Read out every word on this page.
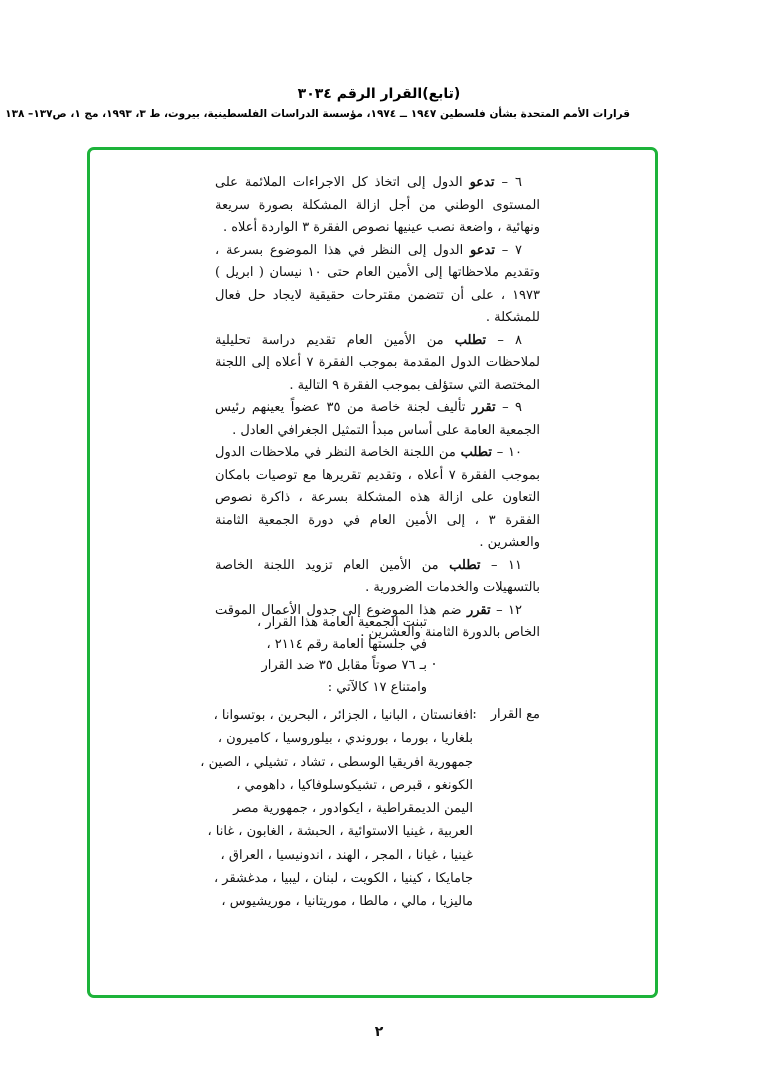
(تابع)القرار الرقم ٣٠٣٤
قرارات الأمم المتحدة بشأن فلسطين ١٩٤٧ ــ ١٩٧٤، مؤسسة الدراسات الفلسطينية، بيروت، ط ٣، ١٩٩٣، مج ١، ص١٣٧– ١٣٨

٦ – تدعو الدول إلى اتخاذ كل الاجراءات الملائمة على المستوى الوطني من أجل ازالة المشكلة بصورة سريعة ونهائية ، واضعة نصب عينيها نصوص الفقرة ٣ الواردة أعلاه .

٧ – تدعو الدول إلى النظر في هذا الموضوع بسرعة ، وتقديم ملاحظاتها إلى الأمين العام حتى ١٠ نيسان ( ابريل ) ١٩٧٣ ، على أن تتضمن مقترحات حقيقية لايجاد حل فعال للمشكلة .

٨ – تطلب من الأمين العام تقديم دراسة تحليلية لملاحظات الدول المقدمة بموجب الفقرة ٧ أعلاه إلى اللجنة المختصة التي ستؤلف بموجب الفقرة ٩ التالية .

٩ – تقرر تأليف لجنة خاصة من ٣٥ عضواً يعينهم رئيس الجمعية العامة على أساس مبدأ التمثيل الجغرافي العادل .

١٠ – تطلب من اللجنة الخاصة النظر في ملاحظات الدول بموجب الفقرة ٧ أعلاه ، وتقديم تقريرها مع توصيات بامكان التعاون على ازالة هذه المشكلة بسرعة ، ذاكرة نصوص الفقرة ٣ ، إلى الأمين العام في دورة الجمعية الثامنة والعشرين .

١١ – تطلب من الأمين العام تزويد اللجنة الخاصة بالتسهيلات والخدمات الضرورية .

١٢ – تقرر ضم هذا الموضوع إلى جدول الأعمال الموقت الخاص بالدورة الثامنة والعشرين .

تبنت الجمعية العامة هذا القرار ،
في جلستها العامة رقم ٢١١٤ ،
بـ ٧٦ صوتاً مقابل ٣٥ ضد القرار
وامتناع ١٧ كالآتي :
مع القرار:
افغانستان ، البانيا ، الجزائر ، البحرين ، بوتسوانا ،
بلغاريا ، بورما ، بوروندي ، بيلوروسيا ، كاميرون ،
جمهورية افريقيا الوسطى ، تشاد ، تشيلي ، الصين ،
الكونغو ، قبرص ، تشيكوسلوفاكيا ، داهومي ،
اليمن الديمقراطية ، ايكوادور ، جمهورية مصر
العربية ، غينيا الاستوائية ، الحبشة ، الغابون ، غانا ،
غينيا ، غيانا ، المجر ، الهند ، اندونيسيا ، العراق ،
جامايكا ، كينيا ، الكويت ، لبنان ، ليبيا ، مدغشقر ،
ماليزيا ، مالي ، مالطا ، موريتانيا ، موريشيوس ،
٢
